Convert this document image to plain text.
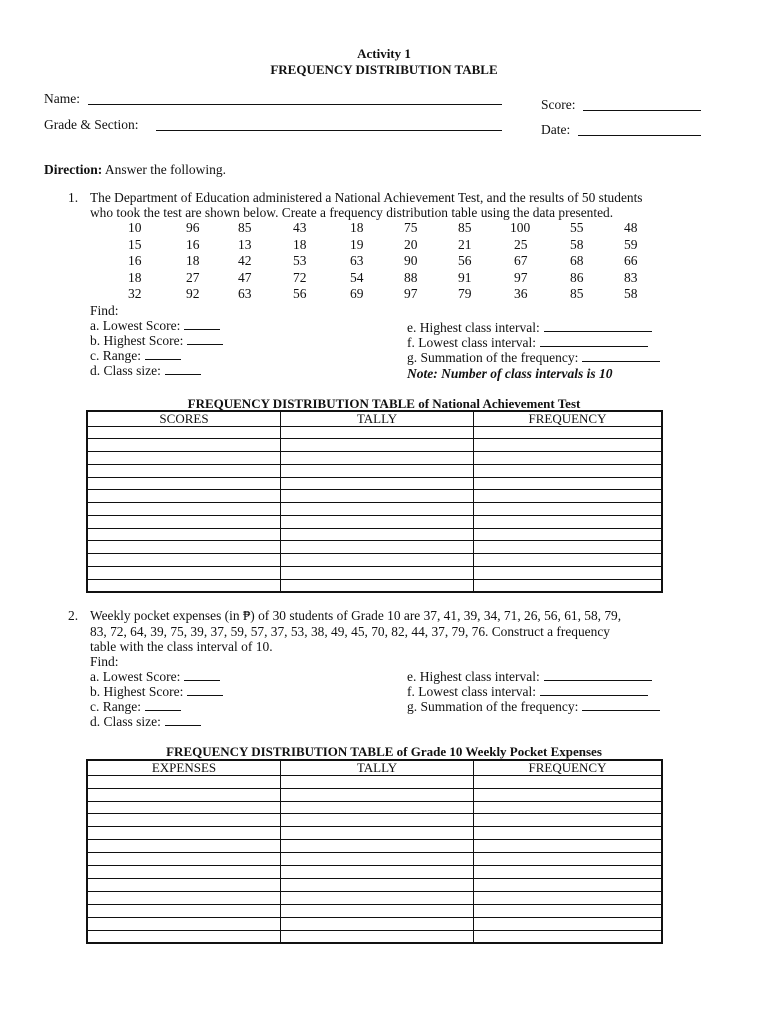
Activity 1
FREQUENCY DISTRIBUTION TABLE
Name:
Grade & Section:
Score:
Date:
Direction: Answer the following.
1. The Department of Education administered a National Achievement Test, and the results of 50 students
who took the test are shown below. Create a frequency distribution table using the data presented.
10	96	85	43	18	75	85	100	55	48
15	16	13	18	19	20	21	25	58	59
16	18	42	53	63	90	56	67	68	66
18	27	47	72	54	88	91	97	86	83
32	92	63	56	69	97	79	36	85	58
Find:
a. Lowest Score:
b. Highest Score:
c. Range:
d. Class size:
e. Highest class interval:
f. Lowest class interval:
g. Summation of the frequency:
Note: Number of class intervals is 10
FREQUENCY DISTRIBUTION TABLE of National Achievement Test
SCORES	TALLY	FREQUENCY

2. Weekly pocket expenses (in ₱) of 30 students of Grade 10 are 37, 41, 39, 34, 71, 26, 56, 61, 58, 79,
83, 72, 64, 39, 75, 39, 37, 59, 57, 37, 53, 38, 49, 45, 70, 82, 44, 37, 79, 76. Construct a frequency
table with the class interval of 10.
Find:
a. Lowest Score:
b. Highest Score:
c. Range:
d. Class size:
e. Highest class interval:
f. Lowest class interval:
g. Summation of the frequency:
FREQUENCY DISTRIBUTION TABLE of Grade 10 Weekly Pocket Expenses
EXPENSES	TALLY	FREQUENCY
